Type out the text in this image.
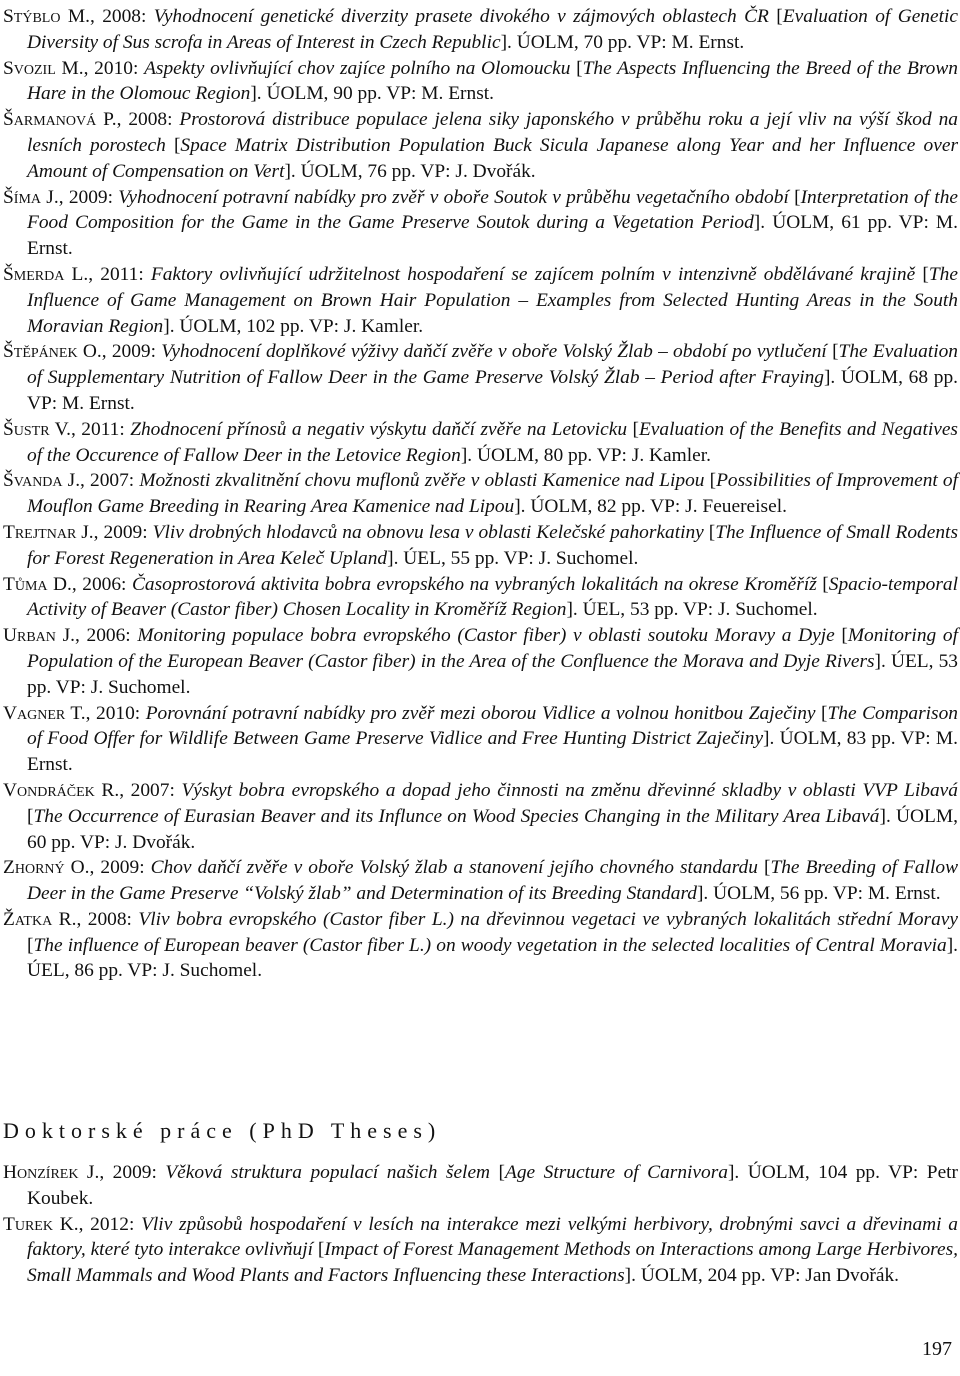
Stýblo M., 2008: Vyhodnocení genetické diverzity prasete divokého v zájmových oblastech ČR [Evaluation of Genetic Diversity of Sus scrofa in Areas of Interest in Czech Republic]. ÚOLM, 70 pp. VP: M. Ernst.

Svozil M., 2010: Aspekty ovlivňující chov zajíce polního na Olomoucku [The Aspects Influencing the Breed of the Brown Hare in the Olomouc Region]. ÚOLM, 90 pp. VP: M. Ernst.

Šarmanová P., 2008: Prostorová distribuce populace jelena siky japonského v průběhu roku a její vliv na výší škod na lesních porostech [Space Matrix Distribution Population Buck Sicula Japanese along Year and her Influence over Amount of Compensation on Vert]. ÚOLM, 76 pp. VP: J. Dvořák.

Šíma J., 2009: Vyhodnocení potravní nabídky pro zvěř v oboře Soutok v průběhu vegetačního období [Interpretation of the Food Composition for the Game in the Game Preserve Soutok during a Vegetation Period]. ÚOLM, 61 pp. VP: M. Ernst.

Šmerda L., 2011: Faktory ovlivňující udržitelnost hospodaření se zajícem polním v intenzivně obdělávané krajině [The Influence of Game Management on Brown Hair Population – Examples from Selected Hunting Areas in the South Moravian Region]. ÚOLM, 102 pp. VP: J. Kamler.

Štěpánek O., 2009: Vyhodnocení doplňkové výživy daňčí zvěře v oboře Volský Žlab – období po vytlučení [The Evaluation of Supplementary Nutrition of Fallow Deer in the Game Preserve Volský Žlab – Period after Fraying]. ÚOLM, 68 pp. VP: M. Ernst.

Šustr V., 2011: Zhodnocení přínosů a negativ výskytu daňčí zvěře na Letovicku [Evaluation of the Benefits and Negatives of the Occurence of Fallow Deer in the Letovice Region]. ÚOLM, 80 pp. VP: J. Kamler.

Švanda J., 2007: Možnosti zkvalitnění chovu muflonů zvěře v oblasti Kamenice nad Lipou [Possibilities of Improvement of Mouflon Game Breeding in Rearing Area Kamenice nad Lipou]. ÚOLM, 82 pp. VP: J. Feuereisel.

Trejtnar J., 2009: Vliv drobných hlodavců na obnovu lesa v oblasti Kelečské pahorkatiny [The Influence of Small Rodents for Forest Regeneration in Area Keleč Upland]. ÚEL, 55 pp. VP: J. Suchomel.

Tůma D., 2006: Časoprostorová aktivita bobra evropského na vybraných lokalitách na okrese Kroměříž [Spacio-temporal Activity of Beaver (Castor fiber) Chosen Locality in Kroměříž Region]. ÚEL, 53 pp. VP: J. Suchomel.

Urban J., 2006: Monitoring populace bobra evropského (Castor fiber) v oblasti soutoku Moravy a Dyje [Monitoring of Population of the European Beaver (Castor fiber) in the Area of the Confluence the Morava and Dyje Rivers]. ÚEL, 53 pp. VP: J. Suchomel.

Vagner T., 2010: Porovnání potravní nabídky pro zvěř mezi oborou Vidlice a volnou honitbou Zaječiny [The Comparison of Food Offer for Wildlife Between Game Preserve Vidlice and Free Hunting District Zaječiny]. ÚOLM, 83 pp. VP: M. Ernst.

Vondráček R., 2007: Výskyt bobra evropského a dopad jeho činnosti na změnu dřevinné skladby v oblasti VVP Libavá [The Occurrence of Eurasian Beaver and its Influnce on Wood Species Changing in the Military Area Libavá]. ÚOLM, 60 pp. VP: J. Dvořák.

Zhorný O., 2009: Chov daňčí zvěře v oboře Volský žlab a stanovení jejího chovného standardu [The Breeding of Fallow Deer in the Game Preserve “Volský žlab” and Determination of its Breeding Standard]. ÚOLM, 56 pp. VP: M. Ernst.

Žatka R., 2008: Vliv bobra evropského (Castor fiber L.) na dřevinnou vegetaci ve vybraných lokalitách střední Moravy [The influence of European beaver (Castor fiber L.) on woody vegetation in the selected localities of Central Moravia]. ÚEL, 86 pp. VP: J. Suchomel.

Doktorské práce (PhD Theses)

Honzírek J., 2009: Věková struktura populací našich šelem [Age Structure of Carnivora]. ÚOLM, 104 pp. VP: Petr Koubek.

Turek K., 2012: Vliv způsobů hospodaření v lesích na interakce mezi velkými herbivory, drobnými savci a dřevinami a faktory, které tyto interakce ovlivňují [Impact of Forest Management Methods on Interactions among Large Herbivores, Small Mammals and Wood Plants and Factors Influencing these Interactions]. ÚOLM, 204 pp. VP: Jan Dvořák.

197
